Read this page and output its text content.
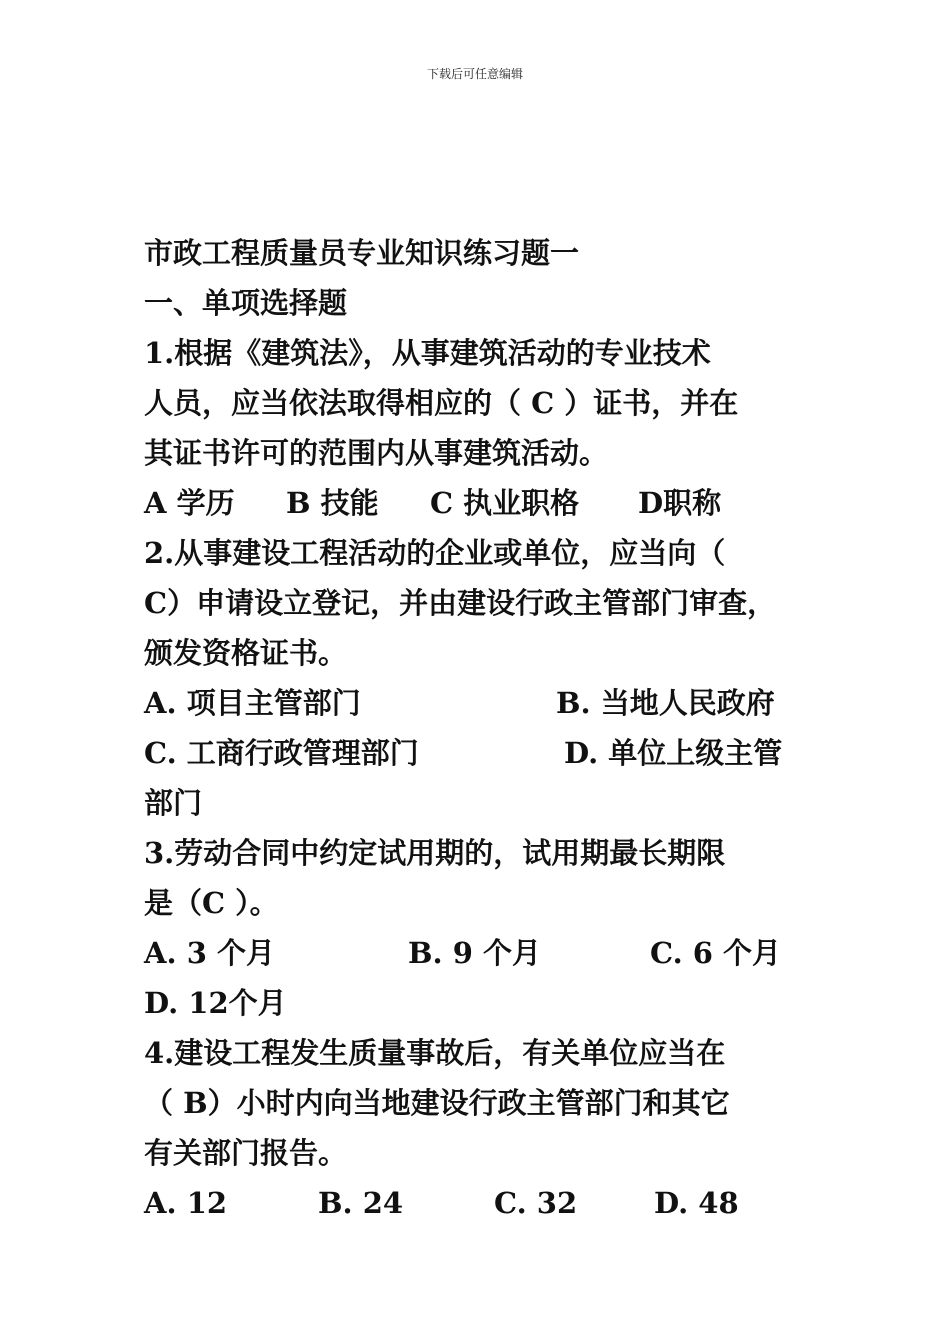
下载后可任意编辑
市政工程质量员专业知识练习题一
一、单项选择题
1.根据《建筑法》，从事建筑活动的专业技术
人员，应当依法取得相应的（ C ）证书，并在
其证书许可的范围内从事建筑活动。
A 学历 B 技能 C 执业职格 D职称
2.从事建设工程活动的企业或单位，应当向（
C）申请设立登记，并由建设行政主管部门审查，
颁发资格证书。
A. 项目主管部门	B. 当地人民政府
C. 工商行政管理部门	D. 单位上级主管
部门
3.劳动合同中约定试用期的，试用期最长期限
是（C ）。
A. 3 个月	B. 9 个月	C. 6 个月
D. 12个月
4.建设工程发生质量事故后，有关单位应当在
（ B）小时内向当地建设行政主管部门和其它
有关部门报告。
A. 12	B. 24	C. 32	D. 48
